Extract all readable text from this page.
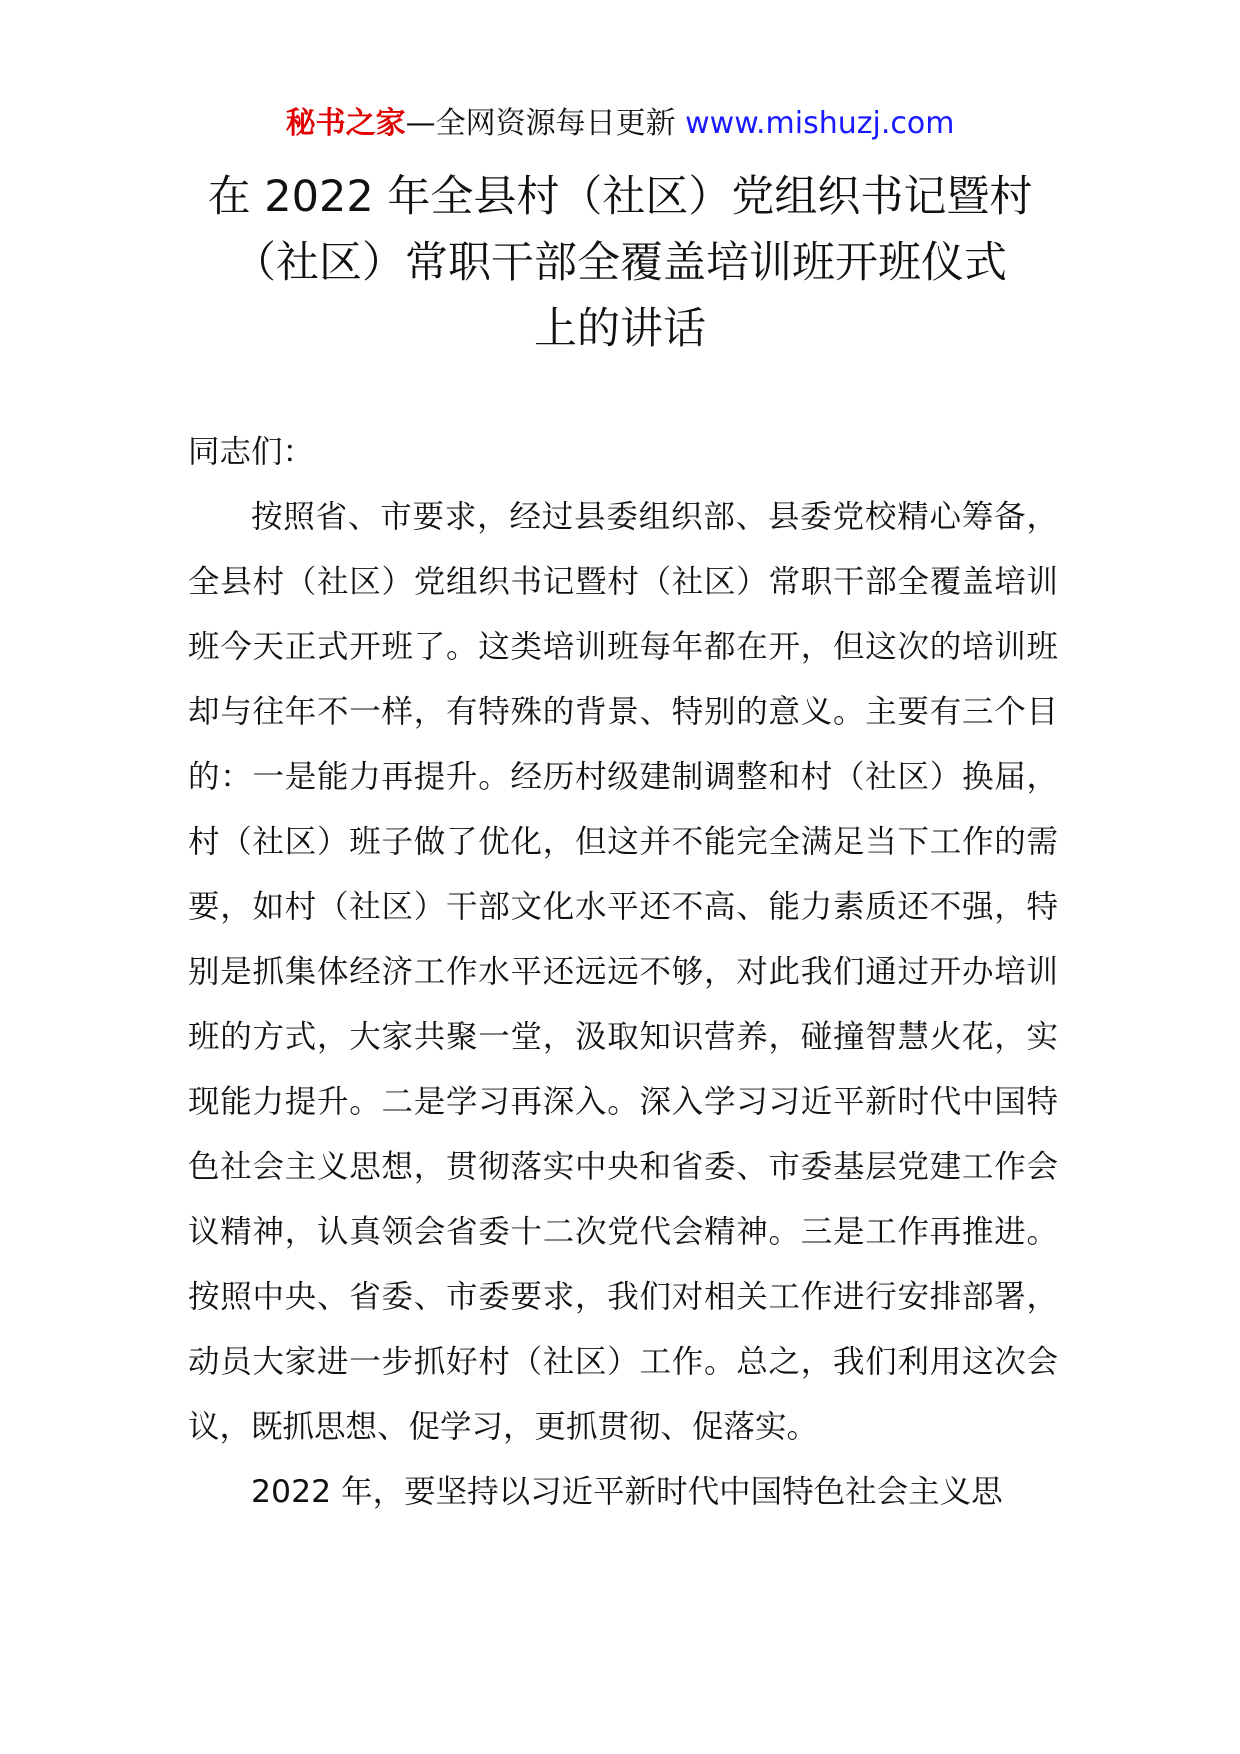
秘书之家—全网资源每日更新 www.mishuzj.com
在 2022 年全县村（社区）党组织书记暨村
（社区）常职干部全覆盖培训班开班仪式
上的讲话

同志们：

按照省、市要求，经过县委组织部、县委党校精心筹备，全县村（社区）党组织书记暨村（社区）常职干部全覆盖培训班今天正式开班了。这类培训班每年都在开，但这次的培训班却与往年不一样，有特殊的背景、特别的意义。主要有三个目的：一是能力再提升。经历村级建制调整和村（社区）换届，村（社区）班子做了优化，但这并不能完全满足当下工作的需要，如村（社区）干部文化水平还不高、能力素质还不强，特别是抓集体经济工作水平还远远不够，对此我们通过开办培训班的方式，大家共聚一堂，汲取知识营养，碰撞智慧火花，实现能力提升。二是学习再深入。深入学习习近平新时代中国特色社会主义思想，贯彻落实中央和省委、市委基层党建工作会议精神，认真领会省委十二次党代会精神。三是工作再推进。按照中央、省委、市委要求，我们对相关工作进行安排部署，动员大家进一步抓好村（社区）工作。总之，我们利用这次会议，既抓思想、促学习，更抓贯彻、促落实。

2022 年，要坚持以习近平新时代中国特色社会主义思
